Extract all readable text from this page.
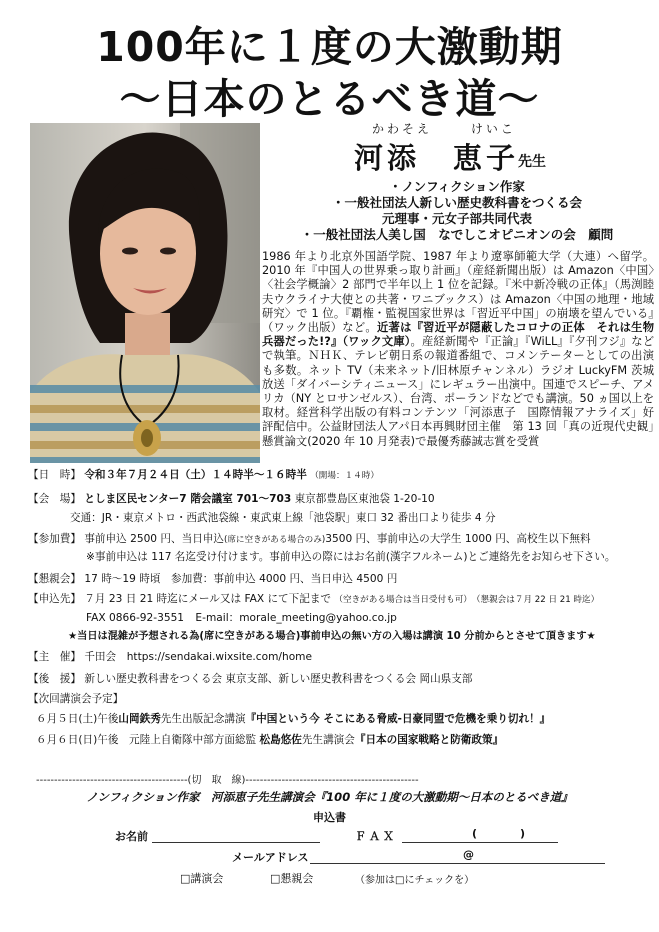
100年に１度の大激動期
～日本のとるべき道～
かわそえ	けいこ
河添　恵子
先生
・ノンフィクション作家
・一般社団法人新しい歴史教科書をつくる会
元理事・元女子部共同代表
・一般社団法人美し国　なでしこオピニオンの会　顧問
1986 年より北京外国語学院、1987 年より遼寧師範大学（大連）へ留学。2010 年『中国人の世界乗っ取り計画』（産経新聞出版）は Amazon〈中国〉〈社会学概論〉2 部門で半年以上 1 位を記録。『米中新冷戦の正体』（馬渕睦夫ウクライナ大使との共著・ワニブックス）は Amazon〈中国の地理・地域研究〉で 1 位。『覇権・監視国家世界は「習近平中国」の崩壊を望んでいる』（ワック出版）など。近著は『習近平が隠蔽したコロナの正体　それは生物兵器だった!?』（ワック文庫）。産経新聞や『正論』『WiLL』『夕刊フジ』などで執筆。ＮＨＫ、テレビ朝日系の報道番組で、コメンテーターとしての出演も多数。ネット TV（未来ネット/旧林原チャンネル）ラジオ LuckyFM 茨城放送「ダイバーシティニュース」にレギュラー出演中。国連でスピーチ、アメリカ（NY とロサンゼルス）、台湾、ポーランドなどでも講演。50 ヵ国以上を取材。経営科学出版の有料コンテンツ「河添恵子　国際情報アナライズ」好評配信中。公益財団法人アパ日本再興財団主催　第 13 回「真の近現代史観」懸賞論文(2020 年 10 月発表)で最優秀藤誠志賞を受賞
【日　時】 令和３年７月２４日（土）１４時半～１６時半 （開場：１４時）
【会　場】 としま区民センター7 階会議室 701～703 東京都豊島区東池袋 1-20-10
交通：JR・東京メトロ・西武池袋線・東武東上線「池袋駅」東口 32 番出口より徒歩 4 分
【参加費】 事前申込 2500 円、当日申込(席に空きがある場合のみ)3500 円、事前申込の大学生 1000 円、高校生以下無料
※事前申込は 117 名迄受け付けます。事前申込の際にはお名前(漢字フルネーム)とご連絡先をお知らせ下さい。
【懇親会】 17 時～19 時頃　参加費：事前申込 4000 円、当日申込 4500 円
【申込先】 ７月 23 日 21 時迄にメール又は FAX にて下記まで （空きがある場合は当日受付も可）　（懇親会は７月 22 日 21 時迄）
FAX 0866-92-3551 E-mail：morale_meeting@yahoo.co.jp
★当日は混雑が予想される為(席に空きがある場合)事前申込の無い方の入場は講演 10 分前からとさせて頂きます★
【主　催】 千田会　https://sendakai.wixsite.com/home
【後　援】 新しい歴史教科書をつくる会 東京支部、新しい歴史教科書をつくる会 岡山県支部
【次回講演会予定】
６月５日(土)午後山岡鉄秀先生出版記念講演『中国という今 そこにある脅威-日豪同盟で危機を乗り切れ！』
６月６日(日)午後　元陸上自衛隊中部方面総監 松島悠佐先生講演会『日本の国家戦略と防衛政策』
------------------------------------------(切　取　線)------------------------------------------------
ノンフィクション作家　河添恵子先生講演会『100 年に１度の大激動期～日本のとるべき道』
申込書
お名前	ＦＡＸ	(	)
メールアドレス	@
□講演会	□懇親会	（参加は□にチェックを）
